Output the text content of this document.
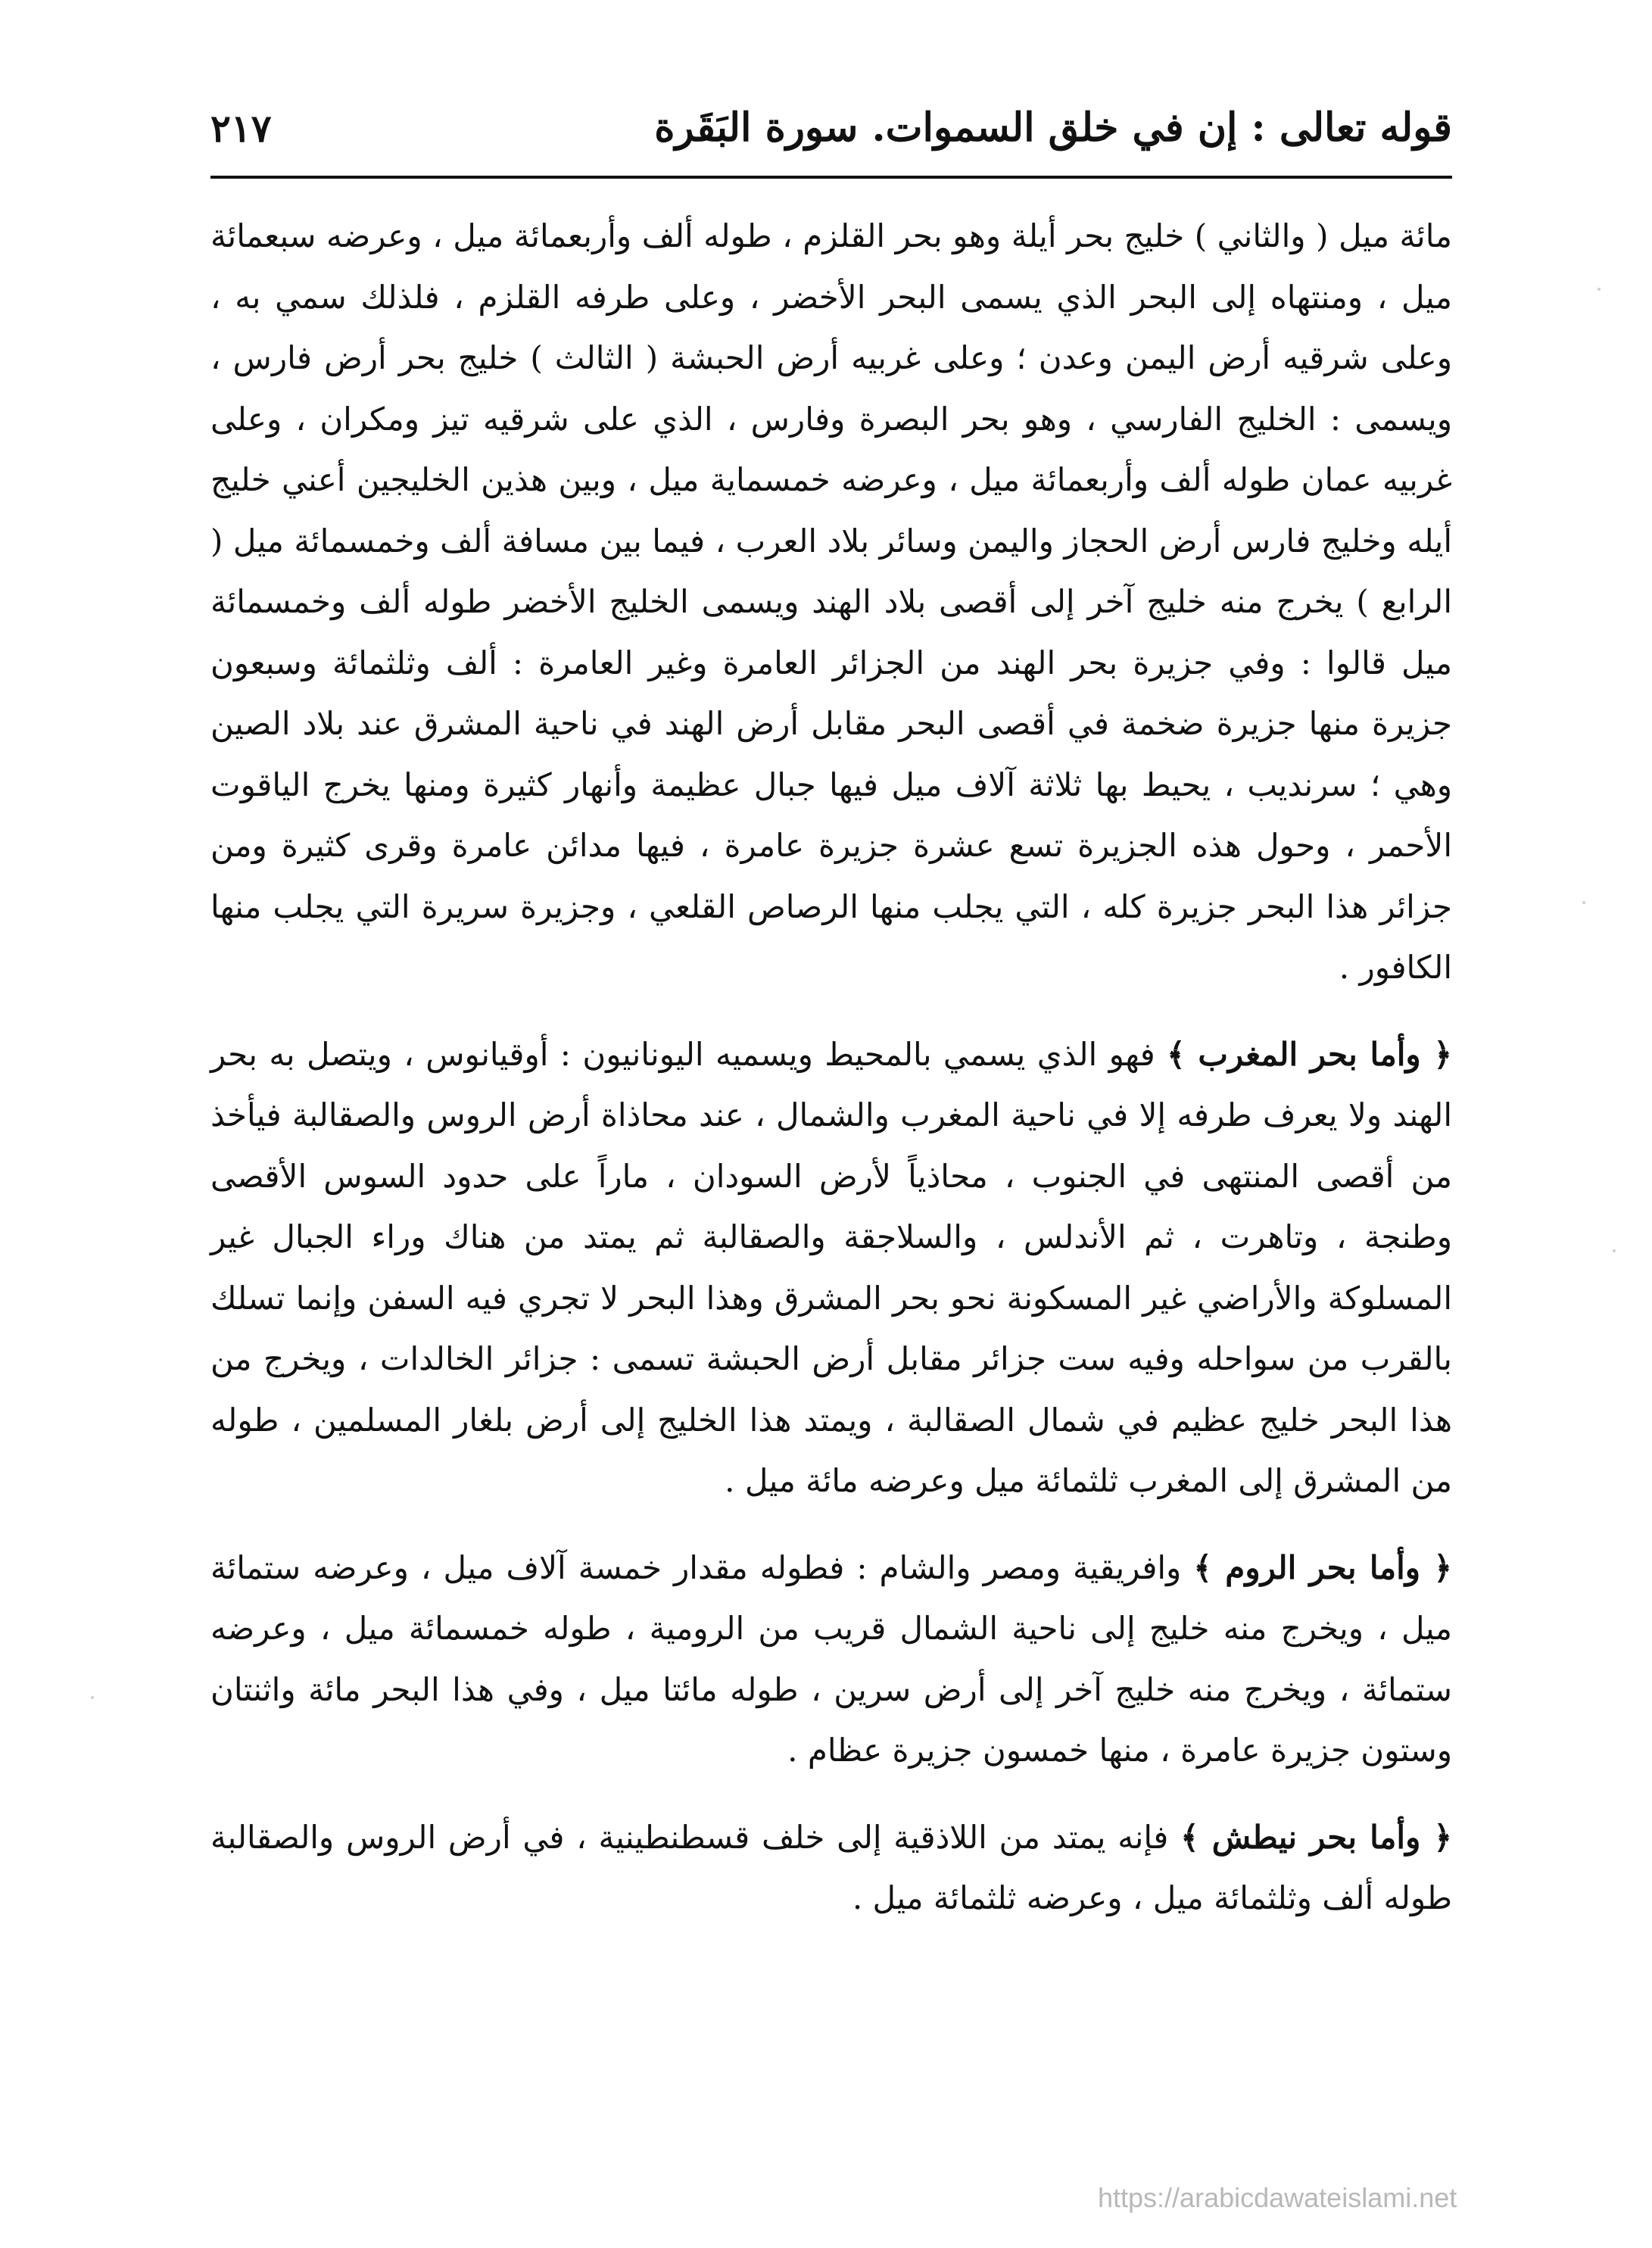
قوله تعالى : إن في خلق السموات. سورة البَقَرة
٢١٧

مائة ميل ( والثاني ) خليج بحر أيلة وهو بحر القلزم ، طوله ألف وأربعمائة ميل ، وعرضه سبعمائة ميل ، ومنتهاه إلى البحر الذي يسمى البحر الأخضر ، وعلى طرفه القلزم ، فلذلك سمي به ، وعلى شرقيه أرض اليمن وعدن ؛ وعلى غربيه أرض الحبشة ( الثالث ) خليج بحر أرض فارس ، ويسمى : الخليج الفارسي ، وهو بحر البصرة وفارس ، الذي على شرقيه تيز ومكران ، وعلى غربيه عمان طوله ألف وأربعمائة ميل ، وعرضه خمسماية ميل ، وبين هذين الخليجين أعني خليج أيله وخليج فارس أرض الحجاز واليمن وسائر بلاد العرب ، فيما بين مسافة ألف وخمسمائة ميل ( الرابع ) يخرج منه خليج آخر إلى أقصى بلاد الهند ويسمى الخليج الأخضر طوله ألف وخمسمائة ميل قالوا : وفي جزيرة بحر الهند من الجزائر العامرة وغير العامرة : ألف وثلثمائة وسبعون جزيرة منها جزيرة ضخمة في أقصى البحر مقابل أرض الهند في ناحية المشرق عند بلاد الصين وهي ؛ سرنديب ، يحيط بها ثلاثة آلاف ميل فيها جبال عظيمة وأنهار كثيرة ومنها يخرج الياقوت الأحمر ، وحول هذه الجزيرة تسع عشرة جزيرة عامرة ، فيها مدائن عامرة وقرى كثيرة ومن جزائر هذا البحر جزيرة كله ، التي يجلب منها الرصاص القلعي ، وجزيرة سريرة التي يجلب منها الكافور .

﴿ وأما بحر المغرب ﴾ فهو الذي يسمي بالمحيط ويسميه اليونانيون : أوقيانوس ، ويتصل به بحر الهند ولا يعرف طرفه إلا في ناحية المغرب والشمال ، عند محاذاة أرض الروس والصقالبة فيأخذ من أقصى المنتهى في الجنوب ، محاذياً لأرض السودان ، ماراً على حدود السوس الأقصى وطنجة ، وتاهرت ، ثم الأندلس ، والسلاجقة والصقالبة ثم يمتد من هناك وراء الجبال غير المسلوكة والأراضي غير المسكونة نحو بحر المشرق وهذا البحر لا تجري فيه السفن وإنما تسلك بالقرب من سواحله وفيه ست جزائر مقابل أرض الحبشة تسمى : جزائر الخالدات ، ويخرج من هذا البحر خليج عظيم في شمال الصقالبة ، ويمتد هذا الخليج إلى أرض بلغار المسلمين ، طوله من المشرق إلى المغرب ثلثمائة ميل وعرضه مائة ميل .

﴿ وأما بحر الروم ﴾ وافريقية ومصر والشام : فطوله مقدار خمسة آلاف ميل ، وعرضه ستمائة ميل ، ويخرج منه خليج إلى ناحية الشمال قريب من الرومية ، طوله خمسمائة ميل ، وعرضه ستمائة ، ويخرج منه خليج آخر إلى أرض سرين ، طوله مائتا ميل ، وفي هذا البحر مائة واثنتان وستون جزيرة عامرة ، منها خمسون جزيرة عظام .

﴿ وأما بحر نيطش ﴾ فإنه يمتد من اللاذقية إلى خلف قسطنطينية ، في أرض الروس والصقالبة طوله ألف وثلثمائة ميل ، وعرضه ثلثمائة ميل .

https://arabicdawateislami.net
